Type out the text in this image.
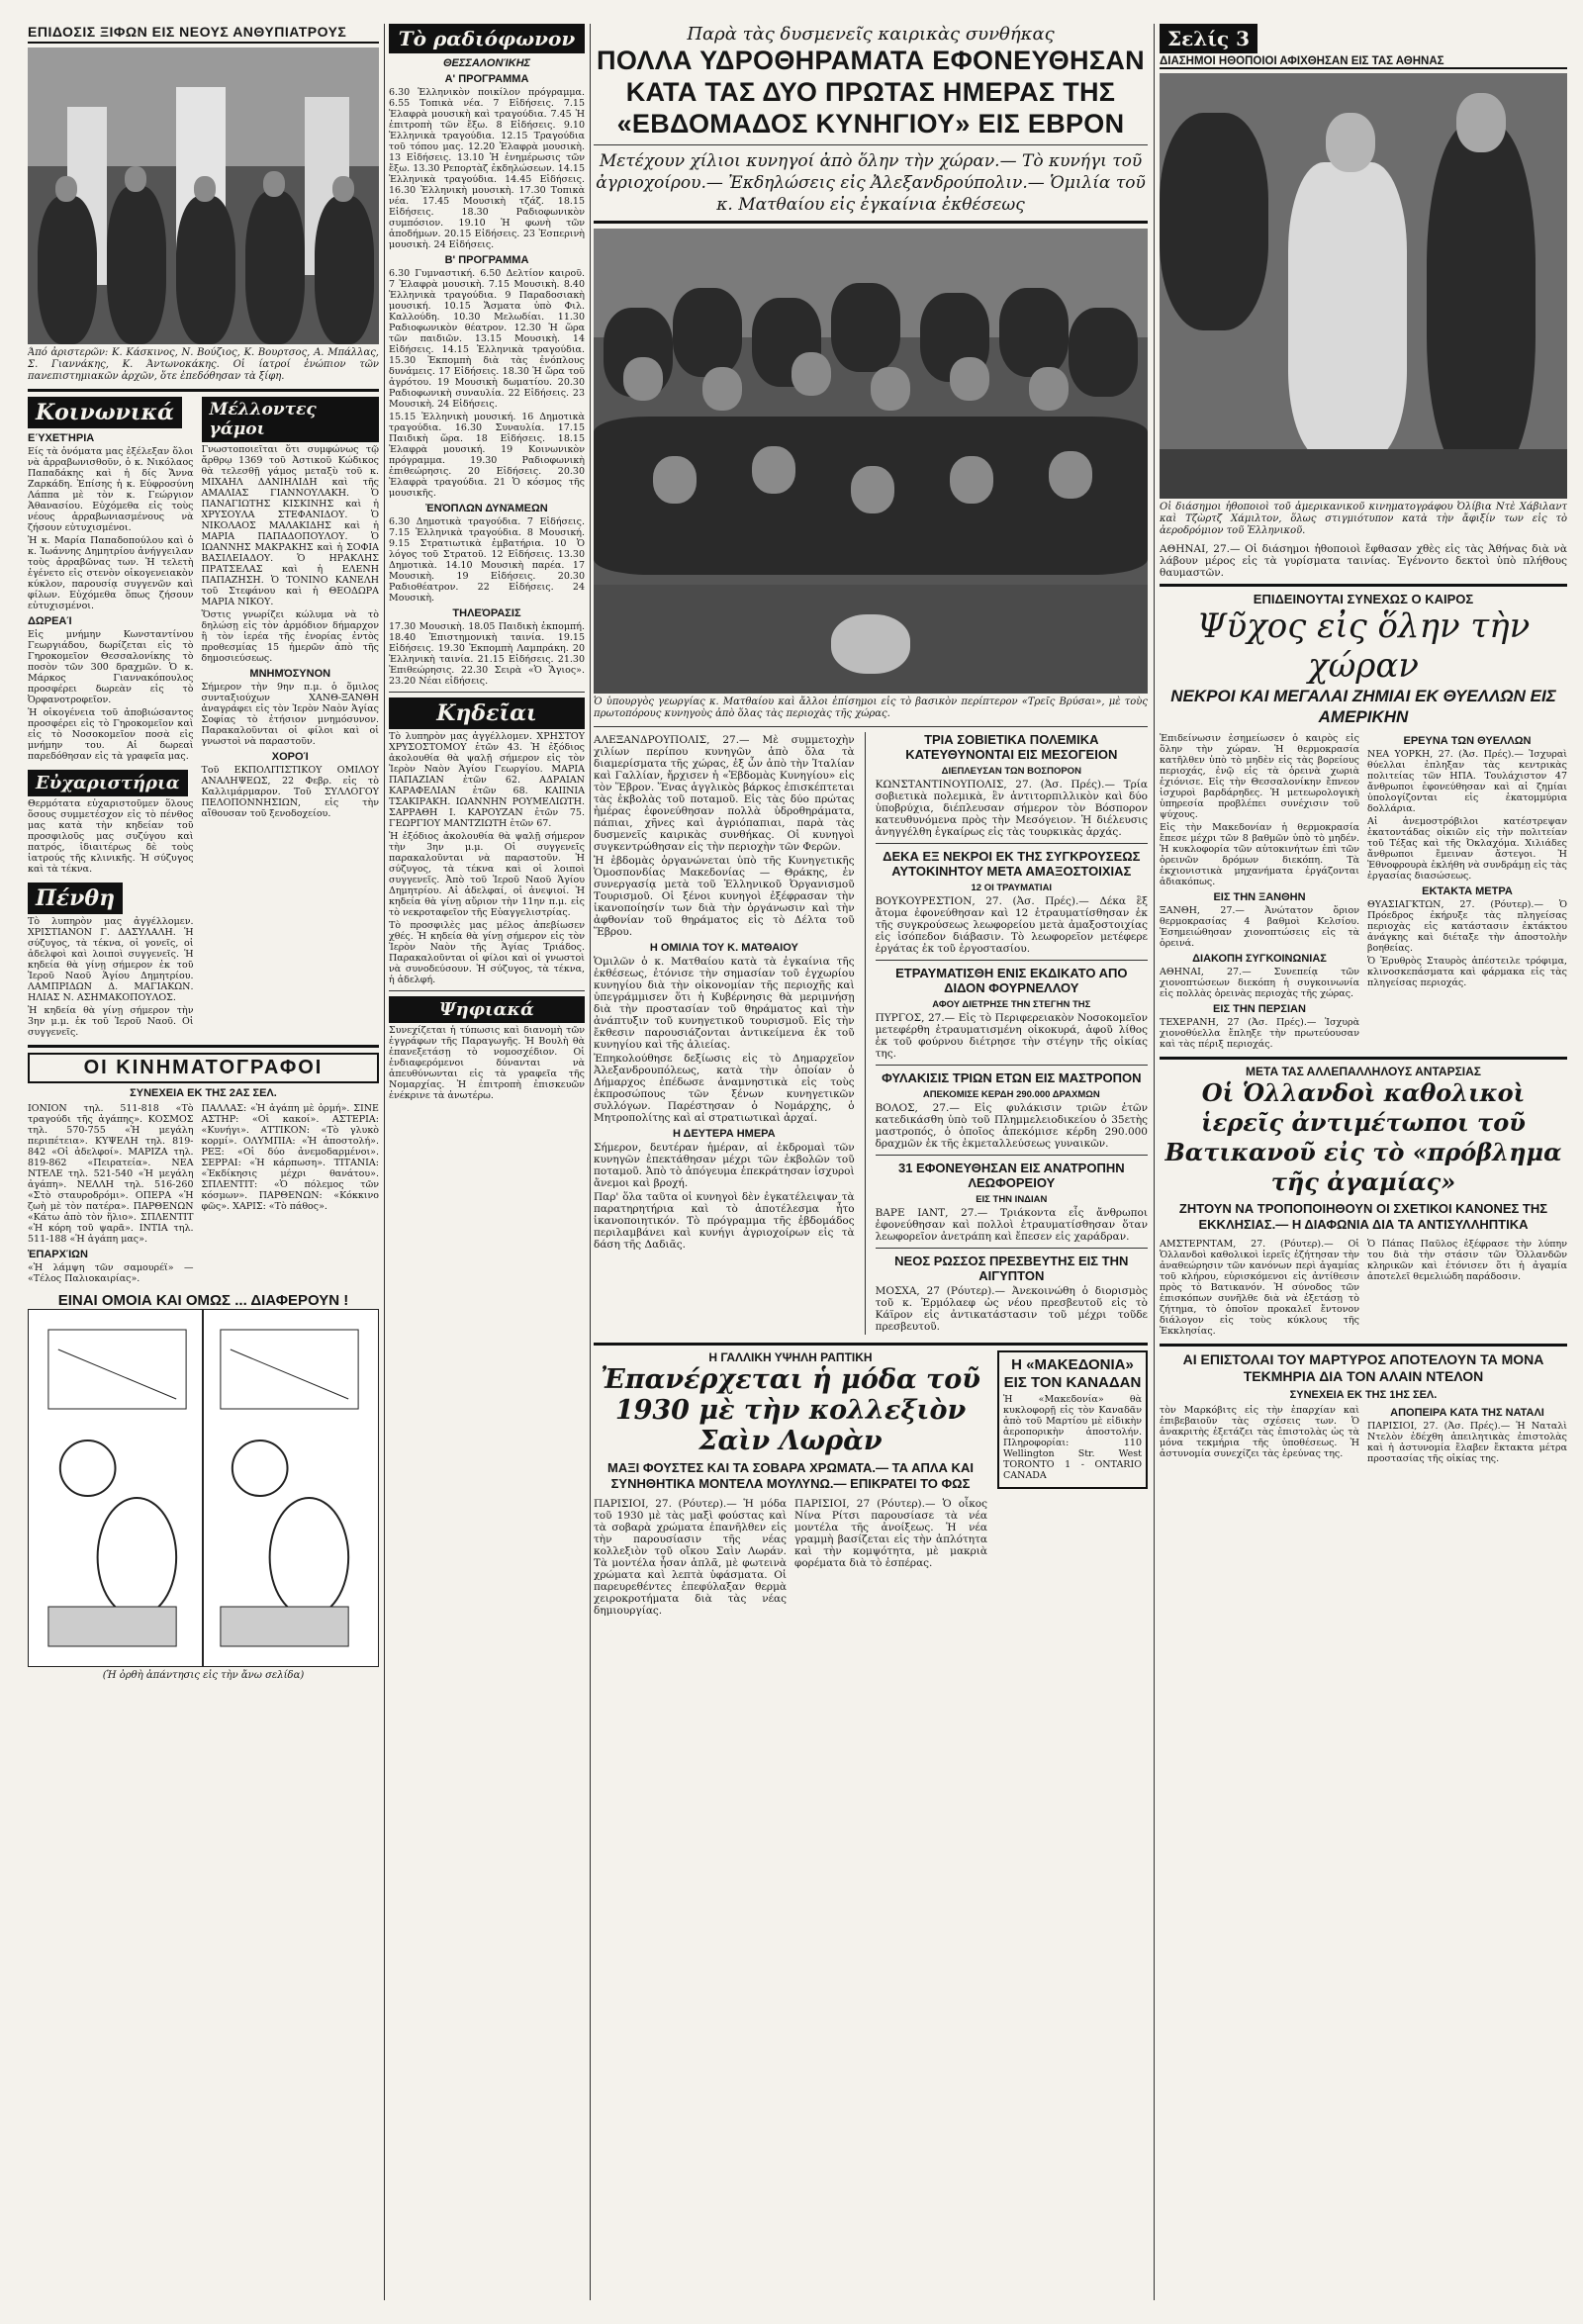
ΕΠΙΔΟΣΙΣ ΞΙΦΩΝ ΕΙΣ ΝΕΟΥΣ ΑΝΘΥΠΙΑΤΡΟΥΣ
Άπό ἀριστερῶν: Κ. Κάσκινος, Ν. Βούζιος, Κ. Βουρτσος, Α. Μπάλλας, Σ. Γιαννάκης, Κ. Άντωνοκάκης. Οἱ ίατροί ἐνώπιον τῶν πανεπιστημιακῶν ἀρχῶν, ὅτε ἐπεδόθησαν τὰ ξίφη.
Κοινωνικά
ΕΎΧΕΤΉΡΙΑ
Είς τὰ ὀνόματα μας ἐξέλεξαν ὅλοι νὰ ἀρραβωνισθοῦν, ὁ κ. Νικόλαος Παπαδάκης καὶ ἡ δίς Ἄννα Ζαρκάδη. Ἐπίσης ἡ κ. Εὐφροσύνη Λάππα μὲ τὸν κ. Γεώργιον Ἀθανασίου. Εὐχόμεθα εἰς τοὺς νέους ἀρραβωνιασμένους νὰ ζήσουν εὐτυχισμένοι.
Ἡ κ. Μαρία Παπαδοπούλου καὶ ὁ κ. Ἰωάννης Δημητρίου ἀνήγγειλαν τοὺς ἀρραβῶνας των. Ἡ τελετὴ ἐγένετο εἰς στενὸν οἰκογενειακὸν κύκλον, παρουσίᾳ συγγενῶν καὶ φίλων. Εὐχόμεθα ὅπως ζήσουν εὐτυχισμένοι.
ΔΩΡΕΑΊ
Εἰς μνήμην Κωνσταντίνου Γεωργιάδου, δωρίζεται εἰς τὸ Γηροκομεῖον Θεσσαλονίκης τὸ ποσὸν τῶν 300 δραχμῶν. Ὁ κ. Μάρκος Γιαννακόπουλος προσφέρει δωρεὰν εἰς τὸ Ὀρφανοτροφεῖον.
Ἡ οἰκογένεια τοῦ ἀποβιώσαντος προσφέρει εἰς τὸ Γηροκομεῖον καὶ εἰς τὸ Νοσοκομεῖον ποσὰ εἰς μνήμην του. Αἱ δωρεαὶ παρεδόθησαν εἰς τὰ γραφεῖα μας.
Εὐχαριστήρια
Θερμότατα εὐχαριστοῦμεν ὅλους ὅσους συμμετέσχον εἰς τὸ πένθος μας κατὰ τὴν κηδείαν τοῦ προσφιλοῦς μας συζύγου καὶ πατρός, ἰδιαιτέρως δὲ τοὺς ἰατρούς τῆς κλινικῆς. Ἡ σύζυγος καὶ τὰ τέκνα.
Πένθη
Τὸ λυπηρὸν μας ἀγγέλλομεν. ΧΡΙΣΤΙΑΝΟΝ Γ. ΔΑΣΥΛΑΛΗ. Ἡ σύζυγος, τὰ τέκνα, οἱ γονεῖς, οἱ ἀδελφοὶ καὶ λοιποὶ συγγενεῖς. Ἡ κηδεία θὰ γίνῃ σήμερον ἐκ τοῦ Ἱεροῦ Ναοῦ Ἁγίου Δημητρίου. ΛΑΜΠΡΙΔΩΝ Δ. ΜΑΓΙΑΚΩΝ. ΗΛΙΑΣ Ν. ΑΣΗΜΑΚΟΠΟΥΛΟΣ.
Ἡ κηδεία θὰ γίνῃ σήμερον τὴν 3ην μ.μ. ἐκ τοῦ Ἱεροῦ Ναοῦ. Οἱ συγγενεῖς.
Μέλλοντες γάμοι
Γνωστοποιεῖται ὅτι συμφώνως τῷ ἄρθρῳ 1369 τοῦ Ἀστικοῦ Κώδικος θὰ τελεσθῇ γάμος μεταξὺ τοῦ κ. ΜΙΧΑΗΛ ΔΑΝΙΗΛΙΔΗ καὶ τῆς ΑΜΑΛΙΑΣ ΓΙΑΝΝΟΥΛΑΚΗ. Ὁ ΠΑΝΑΓΙΩΤΗΣ ΚΙΣΚΙΝΗΣ καὶ ἡ ΧΡΥΣΟΥΛΑ ΣΤΕΦΑΝΙΔΟΥ. Ὁ ΝΙΚΟΛΑΟΣ ΜΑΛΑΚΙΔΗΣ καὶ ἡ ΜΑΡΙΑ ΠΑΠΑΔΟΠΟΥΛΟΥ. Ὁ ΙΩΑΝΝΗΣ ΜΑΚΡΑΚΗΣ καὶ ἡ ΣΟΦΙΑ ΒΑΣΙΛΕΙΑΔΟΥ. Ὁ ΗΡΑΚΛΗΣ ΠΡΑΤΣΕΛΑΣ καὶ ἡ ΕΛΕΝΗ ΠΑΠΑΖΗΣΗ. Ὁ ΤΟΝΙΝΟ ΚΑΝΕΛΗ τοῦ Στεφάνου καὶ ἡ ΘΕΟΔΩΡΑ ΜΑΡΙΑ ΝΙΚΟΥ.
Ὅστις γνωρίζει κώλυμα νὰ τὸ δηλώσῃ εἰς τὸν ἁρμόδιον δήμαρχον ἢ τὸν ἱερέα τῆς ἐνορίας ἐντὸς προθεσμίας 15 ἡμερῶν ἀπὸ τῆς δημοσιεύσεως.
ΜΝΗΜΌΣΥΝΟΝ
Σήμερον τὴν 9ην π.μ. ὁ ὅμιλος συνταξιούχων ΧΑΝΘ-ΞΑΝΘΗ ἀναγράφει εἰς τὸν Ἱερὸν Ναὸν Ἁγίας Σοφίας τὸ ἐτήσιον μνημόσυνον. Παρακαλοῦνται οἱ φίλοι καὶ οἱ γνωστοὶ νὰ παραστοῦν.
ΧΟΡΟΊ
Τοῦ ΕΚΠΟΛΙΤΙΣΤΙΚΟΥ ΟΜΙΛΟΥ ΑΝΑΛΗΨΕΩΣ, 22 Φεβρ. εἰς τὸ Καλλιμάρμαρον. Τοῦ ΣΥΛΛΟΓΟΥ ΠΕΛΟΠΟΝΝΗΣΙΩΝ, εἰς τὴν αἴθουσαν τοῦ ξενοδοχείου.
ΟΙ ΚΙΝΗΜΑΤΟΓΡΑΦΟΙ
ΣΥΝΕΧΕΙΑ ΕΚ ΤΗΣ 2ΑΣ ΣΕΛ.
ΙΟΝΙΟΝ τηλ. 511-818 «Τὸ τραγούδι τῆς ἀγάπης». ΚΟΣΜΟΣ τηλ. 570-755 «Ἡ μεγάλη περιπέτεια». ΚΥΨΕΛΗ τηλ. 819-842 «Οἱ ἀδελφοί». ΜΑΡΙΖΑ τηλ. 819-862 «Πειρατεία». ΝΕΑ ΝΤΕΛΕ τηλ. 521-540 «Ἡ μεγάλη ἀγάπη». ΝΕΛΛΗ τηλ. 516-260 «Στὸ σταυροδρόμι». ΟΠΕΡΑ «Ἡ ζωὴ μὲ τὸν πατέρα». ΠΑΡΘΕΝΩΝ «Κάτω ἀπὸ τὸν ἥλιο». ΣΠΛΕΝΤΙΤ «Ἡ κόρη τοῦ ψαρᾶ». ΙΝΤΙΑ τηλ. 511-188 «Ἡ ἀγάπη μας».
ἘΠΑΡΧΊΩΝ
«Ἡ λάμψη τῶν σαμουρέϊ» — «Τέλος Παλιοκαιρίας».
ΠΑΛΛΑΣ: «Ἡ ἀγάπη μὲ ὁρμή». ΣΙΝΕ ΑΣΤΗΡ: «Οἱ κακοί». ΑΣΤΕΡΙΑ: «Κυνήγι». ΑΤΤΙΚΟΝ: «Τὸ γλυκὸ κορμί». ΟΛΥΜΠΙΑ: «Ἡ ἀποστολή». ΡΕΞ: «Οἱ δύο ἀνεμοδαρμένοι». ΣΕΡΡΑΙ: «Ἡ κάρπωση». ΤΙΤΑΝΙΑ: «Ἐκδίκησις μέχρι θανάτου». ΣΠΛΕΝΤΙΤ: «Ὁ πόλεμος τῶν κόσμων». ΠΑΡΘΕΝΩΝ: «Κόκκινο φῶς». ΧΑΡΙΣ: «Τὸ πάθος».
ΕΙΝΑΙ ΟΜΟΙΑ ΚΑΙ ΟΜΩΣ ... ΔΙΑΦΕΡΟΥΝ !
(Ἡ ὀρθὴ ἀπάντησις εἰς τὴν ἄνω σελίδα)
Τὸ ραδιόφωνον
ΘΕΣΣΑΛΟΝΊΚΗΣ
Α' ΠΡΟΓΡΑΜΜΑ
6.30 Ἑλληνικὸν ποικίλον πρόγραμμα. 6.55 Τοπικὰ νέα. 7 Εἰδήσεις. 7.15 Ἐλαφρὰ μουσικὴ καὶ τραγούδια. 7.45 Ἡ ἐπιτροπὴ τῶν ἔξω. 8 Εἰδήσεις. 9.10 Ἑλληνικὰ τραγούδια. 12.15 Τραγούδια τοῦ τόπου μας. 12.20 Ἐλαφρὰ μουσικὴ. 13 Εἰδήσεις. 13.10 Ἡ ἐνημέρωσις τῶν ἔξω. 13.30 Ρεπορτὰζ ἐκδηλώσεων. 14.15 Ἑλληνικὰ τραγούδια. 14.45 Εἰδήσεις. 16.30 Ἑλληνικὴ μουσικὴ. 17.30 Τοπικὰ νέα. 17.45 Μουσικὴ τζάζ. 18.15 Εἰδήσεις. 18.30 Ραδιοφωνικὸν συμπόσιον. 19.10 Ἡ φωνὴ τῶν ἀποδήμων. 20.15 Εἰδήσεις. 23 Ἐσπερινὴ μουσικὴ. 24 Εἰδήσεις.
Β' ΠΡΟΓΡΑΜΜΑ
6.30 Γυμναστική. 6.50 Δελτίον καιροῦ. 7 Ἐλαφρὰ μουσικὴ. 7.15 Μουσικὴ. 8.40 Ἑλληνικὰ τραγούδια. 9 Παραδοσιακὴ μουσική. 10.15 Ἄσματα ὑπὸ Φιλ. Καλλούδη. 10.30 Μελωδίαι. 11.30 Ραδιοφωνικὸν θέατρον. 12.30 Ἡ ὥρα τῶν παιδιῶν. 13.15 Μουσικὴ. 14 Εἰδήσεις. 14.15 Ἑλληνικὰ τραγούδια. 15.30 Ἐκπομπὴ διὰ τὰς ἐνόπλους δυνάμεις. 17 Εἰδήσεις. 18.30 Ἡ ὥρα τοῦ ἀγρότου. 19 Μουσικὴ δωματίου. 20.30 Ραδιοφωνικὴ συναυλία. 22 Εἰδήσεις. 23 Μουσικὴ. 24 Εἰδήσεις.
15.15 Ἑλληνικὴ μουσική. 16 Δημοτικὰ τραγούδια. 16.30 Συναυλία. 17.15 Παιδικὴ ὥρα. 18 Εἰδήσεις. 18.15 Ἑλαφρὰ μουσική. 19 Κοινωνικὸν πρόγραμμα. 19.30 Ραδιοφωνικὴ ἐπιθεώρησις. 20 Εἰδήσεις. 20.30 Ἐλαφρὰ τραγούδια. 21 Ὁ κόσμος τῆς μουσικῆς.
ἘΝΌΠΛΩΝ ΔΥΝΆΜΕΩΝ
6.30 Δημοτικὰ τραγούδια. 7 Εἰδήσεις. 7.15 Ἑλληνικὰ τραγούδια. 8 Μουσική. 9.15 Στρατιωτικὰ ἐμβατήρια. 10 Ὁ λόγος τοῦ Στρατοῦ. 12 Εἰδήσεις. 13.30 Δημοτικὰ. 14.10 Μουσικὴ παρέα. 17 Μουσικὴ. 19 Εἰδήσεις. 20.30 Ραδιοθέατρον. 22 Εἰδήσεις. 24 Μουσικὴ.
ΤΗΛΕΌΡΑΣΙΣ
17.30 Μουσικὴ. 18.05 Παιδικὴ ἐκπομπή. 18.40 Ἐπιστημονικὴ ταινία. 19.15 Εἰδήσεις. 19.30 Ἐκπομπὴ Λαμπράκη. 20 Ἑλληνικὴ ταινία. 21.15 Εἰδήσεις. 21.30 Ἐπιθεώρησις. 22.30 Σειρὰ «Ὁ Ἅγιος». 23.20 Νέαι εἰδήσεις.
Κηδεῖαι
Τὸ λυπηρὸν μας ἀγγέλλομεν. ΧΡΗΣΤΟΥ ΧΡΥΣΟΣΤΟΜΟΥ ἐτῶν 43. Ἡ ἐξόδιος ἀκολουθία θὰ ψαλῇ σήμερον εἰς τὸν Ἱερὸν Ναὸν Ἁγίου Γεωργίου. ΜΑΡΙΑ ΠΑΠΑΖΙΑΝ ἐτῶν 62. ΑΔΡΑΙΑΝ ΚΑΡΑΦΕΛΙΑΝ ἐτῶν 68. ΚΑΙΙΝΙΑ ΤΣΑΚΙΡΑΚΗ. ΙΩΑΝΝΗΝ ΡΟΥΜΕΛΙΩΤΗ. ΣΑΡΡΑΘΗ Ι. ΚΑΡΟΥΖΑΝ ἐτῶν 75. ΓΕΩΡΓΙΟΥ ΜΑΝΤΖΙΩΤΗ ἐτῶν 67.
Ἡ ἐξόδιος ἀκολουθία θὰ ψαλῇ σήμερον τὴν 3ην μ.μ. Οἱ συγγενεῖς παρακαλοῦνται νὰ παραστοῦν. Ἡ σύζυγος, τὰ τέκνα καὶ οἱ λοιποὶ συγγενεῖς. Ἀπὸ τοῦ Ἱεροῦ Ναοῦ Ἁγίου Δημητρίου. Αἱ ἀδελφαί, οἱ ἀνεψιοί. Ἡ κηδεία θὰ γίνῃ αὔριον τὴν 11ην π.μ. εἰς τὸ νεκροταφεῖον τῆς Εὐαγγελιστρίας.
Τὸ προσφιλὲς μας μέλος ἀπεβίωσεν χθές. Ἡ κηδεία θὰ γίνῃ σήμερον εἰς τὸν Ἱερὸν Ναὸν τῆς Ἁγίας Τριάδος. Παρακαλοῦνται οἱ φίλοι καὶ οἱ γνωστοὶ νὰ συνοδεύσουν. Ἡ σύζυγος, τὰ τέκνα, ἡ ἀδελφή.
Ψηφιακά
Συνεχίζεται ἡ τύπωσις καὶ διανομὴ τῶν ἐγγράφων τῆς Παραγωγῆς. Ἡ Βουλὴ θὰ ἐπανεξετάσῃ τὸ νομοσχέδιον. Οἱ ἐνδιαφερόμενοι δύνανται νὰ ἀπευθύνωνται εἰς τὰ γραφεῖα τῆς Νομαρχίας. Ἡ ἐπιτροπὴ ἐπισκευῶν ἐνέκρινε τὰ ἀνωτέρω.
Παρὰ τὰς δυσμενεῖς καιρικὰς συνθήκας
ΠΟΛΛΑ ΥΔΡΟΘΗΡΑΜΑΤΑ ΕΦΟΝΕΥΘΗΣΑΝ ΚΑΤΑ ΤΑΣ ΔΥΟ ΠΡΩΤΑΣ ΗΜΕΡΑΣ ΤΗΣ «ΕΒΔΟΜΑΔΟΣ ΚΥΝΗΓΙΟΥ» ΕΙΣ ΕΒΡΟΝ
Μετέχουν χίλιοι κυνηγοί ἀπὸ ὅλην τὴν χώραν.— Τὸ κυνήγι τοῦ ἀγριοχοίρου.— Ἐκδηλώσεις εἰς Ἀλεξανδρούπολιν.— Ὁμιλία τοῦ κ. Ματθαίου εἰς ἐγκαίνια ἐκθέσεως
Ὁ ὑπουργὸς γεωργίας κ. Ματθαίου καὶ ἄλλοι ἐπίσημοι εἰς τὸ βασικὸν περίπτερον «Τρεῖς Βρύσαι», μὲ τοὺς πρωτοπόρους κυνηγοὺς ἀπὸ ὅλας τὰς περιοχὰς τῆς χώρας.
ΑΛΕΞΑΝΔΡΟΥΠΟΛΙΣ, 27.— Μὲ συμμετοχὴν χιλίων περίπου κυνηγῶν ἀπὸ ὅλα τὰ διαμερίσματα τῆς χώρας, ἐξ ὧν ἀπὸ τὴν Ἰταλίαν καὶ Γαλλίαν, ἤρχισεν ἡ «Ἑβδομὰς Κυνηγίου» εἰς τὸν Ἕβρον. Ἕνας ἀγγλικὸς βάρκος ἐπισκέπτεται τὰς ἐκβολὰς τοῦ ποταμοῦ. Εἰς τὰς δύο πρώτας ἡμέρας ἐφονεύθησαν πολλὰ ὑδροθηράματα, πάπιαι, χῆνες καὶ ἀγριόπαπιαι, παρὰ τὰς δυσμενεῖς καιρικὰς συνθήκας. Οἱ κυνηγοὶ συγκεντρώθησαν εἰς τὴν περιοχὴν τῶν Φερῶν.
Ἡ ἑβδομὰς ὀργανώνεται ὑπὸ τῆς Κυνηγετικῆς Ὁμοσπονδίας Μακεδονίας — Θράκης, ἐν συνεργασίᾳ μετὰ τοῦ Ἑλληνικοῦ Ὀργανισμοῦ Τουρισμοῦ. Οἱ ξένοι κυνηγοὶ ἐξέφρασαν τὴν ἱκανοποίησίν των διὰ τὴν ὀργάνωσιν καὶ τὴν ἀφθονίαν τοῦ θηράματος εἰς τὸ Δέλτα τοῦ Ἕβρου.
Η ΟΜΙΛΙΑ ΤΟΥ Κ. ΜΑΤΘΑΙΟΥ
Ὁμιλῶν ὁ κ. Ματθαίου κατὰ τὰ ἐγκαίνια τῆς ἐκθέσεως, ἐτόνισε τὴν σημασίαν τοῦ ἐγχωρίου κυνηγίου διὰ τὴν οἰκονομίαν τῆς περιοχῆς καὶ ὑπεγράμμισεν ὅτι ἡ Κυβέρνησις θὰ μεριμνήσῃ διὰ τὴν προστασίαν τοῦ θηράματος καὶ τὴν ἀνάπτυξιν τοῦ κυνηγετικοῦ τουρισμοῦ. Εἰς τὴν ἔκθεσιν παρουσιάζονται ἀντικείμενα ἐκ τοῦ κυνηγίου καὶ τῆς ἁλιείας.
Ἐπηκολούθησε δεξίωσις εἰς τὸ Δημαρχεῖον Ἀλεξανδρουπόλεως, κατὰ τὴν ὁποίαν ὁ Δήμαρχος ἐπέδωσε ἀναμνηστικὰ εἰς τοὺς ἐκπροσώπους τῶν ξένων κυνηγετικῶν συλλόγων. Παρέστησαν ὁ Νομάρχης, ὁ Μητροπολίτης καὶ αἱ στρατιωτικαὶ ἀρχαί.
Η ΔΕΥΤΕΡΑ ΗΜΕΡΑ
Σήμερον, δευτέραν ἡμέραν, αἱ ἐκδρομαὶ τῶν κυνηγῶν ἐπεκτάθησαν μέχρι τῶν ἐκβολῶν τοῦ ποταμοῦ. Ἀπὸ τὸ ἀπόγευμα ἐπεκράτησαν ἰσχυροὶ ἄνεμοι καὶ βροχή.
Παρ' ὅλα ταῦτα οἱ κυνηγοὶ δὲν ἐγκατέλειψαν τὰ παρατηρητήρια καὶ τὸ ἀποτέλεσμα ἦτο ἱκανοποιητικόν. Τὸ πρόγραμμα τῆς ἑβδομάδος περιλαμβάνει καὶ κυνήγι ἀγριοχοίρων εἰς τὰ δάση τῆς Δαδιᾶς.
ΤΡΙΑ ΣΟΒΙΕΤΙΚΑ ΠΟΛΕΜΙΚΑ ΚΑΤΕΥΘΥΝΟΝΤΑΙ ΕΙΣ ΜΕΣΟΓΕΙΟΝ
ΔΙΕΠΛΕΥΣΑΝ ΤΩΝ ΒΟΣΠΟΡΟΝ
ΚΩΝΣΤΑΝΤΙΝΟΥΠΟΛΙΣ, 27. (Ἀσ. Πρές).— Τρία σοβιετικὰ πολεμικὰ, ἓν ἀντιτορπιλλικὸν καὶ δύο ὑποβρύχια, διέπλευσαν σήμερον τὸν Βόσπορον κατευθυνόμενα πρὸς τὴν Μεσόγειον. Ἡ διέλευσις ἀνηγγέλθη ἐγκαίρως εἰς τὰς τουρκικὰς ἀρχάς.
ΔΕΚΑ ΕΞ ΝΕΚΡΟΙ ΕΚ ΤΗΣ ΣΥΓΚΡΟΥΣΕΩΣ ΑΥΤΟΚΙΝΗΤΟΥ ΜΕΤΑ ΑΜΑΞΟΣΤΟΙΧΙΑΣ
12 ΟΙ ΤΡΑΥΜΑΤΙΑΙ
ΒΟΥΚΟΥΡΕΣΤΙΟΝ, 27. (Ἀσ. Πρές).— Δέκα ἓξ ἄτομα ἐφονεύθησαν καὶ 12 ἐτραυματίσθησαν ἐκ τῆς συγκρούσεως λεωφορείου μετὰ ἀμαξοστοιχίας εἰς ἰσόπεδον διάβασιν. Τὸ λεωφορεῖον μετέφερε ἐργάτας ἐκ τοῦ ἐργοστασίου.
ΕΤΡΑΥΜΑΤΙΣΘΗ ΕΝΙΣ ΕΚΔΙΚΑΤΟ ΑΠΟ ΔΙΔΟΝ ΦΟΥΡΝΕΛΛΟΥ
ΑΦΟΥ ΔΙΕΤΡΗΣΕ ΤΗΝ ΣΤΕΓΗΝ ΤΗΣ
ΠΥΡΓΟΣ, 27.— Εἰς τὸ Περιφερειακὸν Νοσοκομεῖον μετεφέρθη ἐτραυματισμένη οἰκοκυρά, ἀφοῦ λίθος ἐκ τοῦ φούρνου διέτρησε τὴν στέγην τῆς οἰκίας της.
ΦΥΛΑΚΙΣΙΣ ΤΡΙΩΝ ΕΤΩΝ ΕΙΣ ΜΑΣΤΡΟΠΟΝ
ΑΠΕΚΟΜΙΣΕ ΚΕΡΔΗ 290.000 ΔΡΑΧΜΩΝ
ΒΟΛΟΣ, 27.— Εἰς φυλάκισιν τριῶν ἐτῶν κατεδικάσθη ὑπὸ τοῦ Πλημμελειοδικείου ὁ 35ετὴς μαστροπός, ὁ ὁποῖος ἀπεκόμισε κέρδη 290.000 δραχμῶν ἐκ τῆς ἐκμεταλλεύσεως γυναικῶν.
31 ΕΦΟΝΕΥΘΗΣΑΝ ΕΙΣ ΑΝΑΤΡΟΠΗΝ ΛΕΩΦΟΡΕΙΟΥ
ΕΙΣ ΤΗΝ ΙΝΔΙΑΝ
ΒΑΡΕ ΙΑΝΤ, 27.— Τριάκοντα εἷς ἄνθρωποι ἐφονεύθησαν καὶ πολλοὶ ἐτραυματίσθησαν ὅταν λεωφορεῖον ἀνετράπη καὶ ἔπεσεν εἰς χαράδραν.
ΝΕΟΣ ΡΩΣΣΟΣ ΠΡΕΣΒΕΥΤΗΣ ΕΙΣ ΤΗΝ ΑΙΓΥΠΤΟΝ
ΜΟΣΧΑ, 27 (Ρόυτερ).— Ἀνεκοινώθη ὁ διορισμὸς τοῦ κ. Ἐρμόλαεφ ὡς νέου πρεσβευτοῦ εἰς τὸ Κάϊρον εἰς ἀντικατάστασιν τοῦ μέχρι τοῦδε πρεσβευτοῦ.
Η ΓΑΛΛΙΚΗ ΥΨΗΛΗ ΡΑΠΤΙΚΗ
Ἐπανέρχεται ἡ μόδα τοῦ 1930 μὲ τὴν κολλεξιὸν Σαὶν Λωρὰν
ΜΑΞΙ ΦΟΥΣΤΕΣ ΚΑΙ ΤΑ ΣΟΒΑΡΑ ΧΡΩΜΑΤΑ.— ΤΑ ΑΠΛΑ ΚΑΙ ΣΥΝΗΘΗΤΙΚΑ ΜΟΝΤΕΛΑ ΜΟΥΛΥΝΩ.— ΕΠΙΚΡΑΤΕΙ ΤΟ ΦΩΣ
ΠΑΡΙΣΙΟΙ, 27. (Ρόυτερ).— Ἡ μόδα τοῦ 1930 μὲ τὰς μαξὶ φούστας καὶ τὰ σοβαρὰ χρώματα ἐπανῆλθεν εἰς τὴν παρουσίασιν τῆς νέας κολλεξιὸν τοῦ οἴκου Σαὶν Λωράν. Τὰ μοντέλα ἦσαν ἁπλᾶ, μὲ φωτεινὰ χρώματα καὶ λεπτὰ ὑφάσματα. Οἱ παρευρεθέντες ἐπεφύλαξαν θερμὰ χειροκροτήματα διὰ τὰς νέας δημιουργίας.
ΠΑΡΙΣΙΟΙ, 27 (Ρόυτερ).— Ὁ οἶκος Νίνα Ρίτσι παρουσίασε τὰ νέα μοντέλα τῆς ἀνοίξεως. Ἡ νέα γραμμὴ βασίζεται εἰς τὴν ἁπλότητα καὶ τὴν κομψότητα, μὲ μακριὰ φορέματα διὰ τὸ ἑσπέρας.
Η «ΜΑΚΕΔΟΝΙΑ» ΕΙΣ ΤΟΝ ΚΑΝΑΔΑΝ
Ἡ «Μακεδονία» θὰ κυκλοφορῇ εἰς τὸν Καναδᾶν ἀπὸ τοῦ Μαρτίου μὲ εἰδικὴν ἀεροπορικὴν ἀποστολήν. Πληροφορίαι: 110 Wellington Str. West TORONTO 1 - ONTARIO CANADA
Σελίς 3
ΔΙΑΣΗΜΟΙ ΗΘΟΠΟΙΟΙ ΑΦΙΧΘΗΣΑΝ ΕΙΣ ΤΑΣ ΑΘΗΝΑΣ
Οἱ διάσημοι ἠθοποιοὶ τοῦ ἀμερικανικοῦ κινηματογράφου Ὀλίβια Ντὲ Χάβιλαντ καὶ Τζὼρτζ Χάμιλτον, ὅλως στιγμιότυπον κατὰ τὴν ἄφιξίν των εἰς τὸ ἀεροδρόμιον τοῦ Ἑλληνικοῦ.
ΑΘΗΝΑΙ, 27.— Οἱ διάσημοι ἠθοποιοὶ ἔφθασαν χθὲς εἰς τὰς Ἀθήνας διὰ νὰ λάβουν μέρος εἰς τὰ γυρίσματα ταινίας. Ἐγένοντο δεκτοὶ ὑπὸ πλήθους θαυμαστῶν.
ΕΠΙΔΕΙΝΟΥΤΑΙ ΣΥΝΕΧΩΣ Ο ΚΑΙΡΟΣ
Ψῦχος εἰς ὅλην τὴν χώραν
ΝΕΚΡΟΙ ΚΑΙ ΜΕΓΑΛΑΙ ΖΗΜΙΑΙ ΕΚ ΘΥΕΛΛΩΝ ΕΙΣ ΑΜΕΡΙΚΗΝ
Ἐπιδείνωσιν ἐσημείωσεν ὁ καιρὸς εἰς ὅλην τὴν χώραν. Ἡ θερμοκρασία κατῆλθεν ὑπὸ τὸ μηδὲν εἰς τὰς βορείους περιοχάς, ἐνῷ εἰς τὰ ὀρεινὰ χωριὰ ἐχιόνισε. Εἰς τὴν Θεσσαλονίκην ἔπνεον ἰσχυροὶ βαρδάρηδες. Ἡ μετεωρολογικὴ ὑπηρεσία προβλέπει συνέχισιν τοῦ ψύχους.
Εἰς τὴν Μακεδονίαν ἡ θερμοκρασία ἔπεσε μέχρι τῶν 8 βαθμῶν ὑπὸ τὸ μηδέν. Ἡ κυκλοφορία τῶν αὐτοκινήτων ἐπὶ τῶν ὀρεινῶν δρόμων διεκόπη. Τὰ ἐκχιονιστικὰ μηχανήματα ἐργάζονται ἀδιακόπως.
ΕΙΣ ΤΗΝ ΞΑΝΘΗΝ
ΞΑΝΘΗ, 27.— Ἀνώτατον ὅριον θερμοκρασίας 4 βαθμοὶ Κελσίου. Ἐσημειώθησαν χιονοπτώσεις εἰς τὰ ὀρεινά.
ΔΙΑΚΟΠΗ ΣΥΓΚΟΙΝΩΝΙΑΣ
ΑΘΗΝΑΙ, 27.— Συνεπείᾳ τῶν χιονοπτώσεων διεκόπη ἡ συγκοινωνία εἰς πολλὰς ὀρεινὰς περιοχὰς τῆς χώρας.
ΕΙΣ ΤΗΝ ΠΕΡΣΙΑΝ
ΤΕΧΕΡΑΝΗ, 27 (Ἀσ. Πρές).— Ἰσχυρὰ χιονοθύελλα ἔπληξε τὴν πρωτεύουσαν καὶ τὰς πέριξ περιοχάς.
ΕΡΕΥΝΑ ΤΩΝ ΘΥΕΛΛΩΝ
ΝΕΑ ΥΟΡΚΗ, 27. (Ἀσ. Πρές).— Ἰσχυραὶ θύελλαι ἐπληξαν τὰς κεντρικὰς πολιτείας τῶν ΗΠΑ. Τουλάχιστον 47 ἄνθρωποι ἐφονεύθησαν καὶ αἱ ζημίαι ὑπολογίζονται εἰς ἑκατομμύρια δολλάρια.
Αἱ ἀνεμοστρόβιλοι κατέστρεψαν ἑκατοντάδας οἰκιῶν εἰς τὴν πολιτείαν τοῦ Τέξας καὶ τῆς Ὀκλαχόμα. Χιλιάδες ἄνθρωποι ἔμειναν ἄστεγοι. Ἡ Ἐθνοφρουρὰ ἐκλήθη νὰ συνδράμῃ εἰς τὰς ἐργασίας διασώσεως.
ΕΚΤΑΚΤΑ ΜΕΤΡΑ
ΘΥΑΣΙΑΓΚΤΩΝ, 27. (Ρόυτερ).— Ὁ Πρόεδρος ἐκήρυξε τὰς πληγείσας περιοχὰς εἰς κατάστασιν ἐκτάκτου ἀνάγκης καὶ διέταξε τὴν ἀποστολὴν βοηθείας.
Ὁ Ἐρυθρὸς Σταυρὸς ἀπέστειλε τρόφιμα, κλινοσκεπάσματα καὶ φάρμακα εἰς τὰς πληγείσας περιοχάς.
ΜΕΤΑ ΤΑΣ ΑΛΛΕΠΑΛΛΗΛΟΥΣ ΑΝΤΑΡΣΙΑΣ
Οἱ Ὁλλανδοὶ καθολικοὶ ἱερεῖς ἀντιμέτωποι τοῦ Βατικανοῦ εἰς τὸ «πρόβλημα τῆς ἀγαμίας»
ΖΗΤΟΥΝ ΝΑ ΤΡΟΠΟΠΟΙΗΘΟΥΝ ΟΙ ΣΧΕΤΙΚΟΙ ΚΑΝΟΝΕΣ ΤΗΣ ΕΚΚΛΗΣΙΑΣ.— Η ΔΙΑΦΩΝΙΑ ΔΙΑ ΤΑ ΑΝΤΙΣΥΛΛΗΠΤΙΚΑ
ΑΜΣΤΕΡΝΤΑΜ, 27. (Ρόυτερ).— Οἱ Ὁλλανδοὶ καθολικοὶ ἱερεῖς ἐζήτησαν τὴν ἀναθεώρησιν τῶν κανόνων περὶ ἀγαμίας τοῦ κλήρου, εὑρισκόμενοι εἰς ἀντίθεσιν πρὸς τὸ Βατικανόν. Ἡ σύνοδος τῶν ἐπισκόπων συνῆλθε διὰ νὰ ἐξετάσῃ τὸ ζήτημα, τὸ ὁποῖον προκαλεῖ ἔντονον διάλογον εἰς τοὺς κύκλους τῆς Ἐκκλησίας.
Ὁ Πάπας Παῦλος ἐξέφρασε τὴν λύπην του διὰ τὴν στάσιν τῶν Ὁλλανδῶν κληρικῶν καὶ ἐτόνισεν ὅτι ἡ ἀγαμία ἀποτελεῖ θεμελιώδη παράδοσιν.
ΑΙ ΕΠΙΣΤΟΛΑΙ ΤΟΥ ΜΑΡΤΥΡΟΣ ΑΠΟΤΕΛΟΥΝ ΤΑ ΜΟΝΑ ΤΕΚΜΗΡΙΑ ΔΙΑ ΤΟΝ ΑΛΑΙΝ ΝΤΕΛΟΝ
ΣΥΝΕΧΕΙΑ ΕΚ ΤΗΣ 1ΗΣ ΣΕΛ.
τὸν Μαρκόβιτς εἰς τὴν ἐπαρχίαν καὶ ἐπιβεβαιοῦν τὰς σχέσεις των. Ὁ ἀνακριτὴς ἐξετάζει τὰς ἐπιστολὰς ὡς τὰ μόνα τεκμήρια τῆς ὑποθέσεως. Ἡ ἀστυνομία συνεχίζει τὰς ἐρεύνας της.
ΑΠΟΠΕΙΡΑ ΚΑΤΑ ΤΗΣ ΝΑΤΑΛΙ
ΠΑΡΙΣΙΟΙ, 27. (Ἀσ. Πρές).— Ἡ Ναταλὶ Ντελὸν ἐδέχθη ἀπειλητικὰς ἐπιστολὰς καὶ ἡ ἀστυνομία ἔλαβεν ἔκτακτα μέτρα προστασίας τῆς οἰκίας της.
